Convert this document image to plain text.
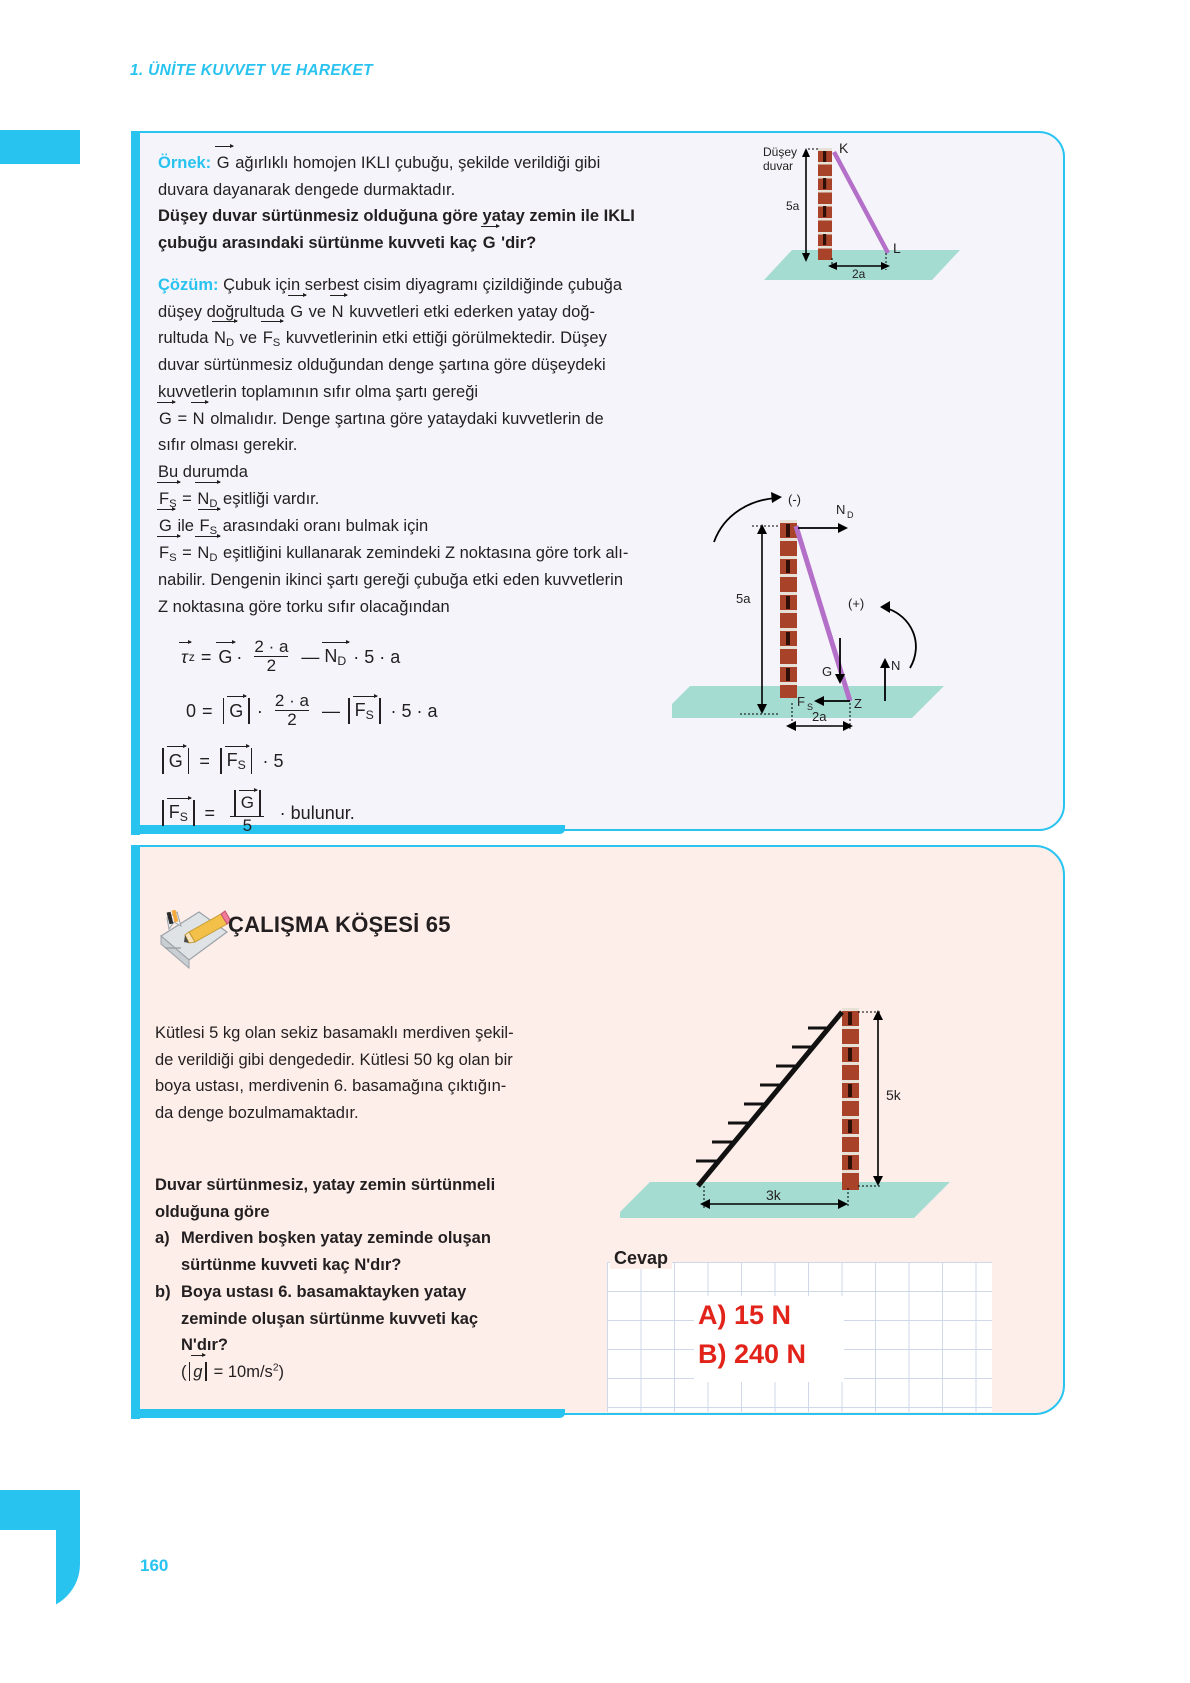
1. ÜNİTE KUVVET VE HAREKET
Örnek: G ağırlıklı homojen IKLI çubuğu, şekilde verildiği gibi
duvara dayanarak dengede durmaktadır.
Düşey duvar sürtünmesiz olduğuna göre yatay zemin ile IKLI
çubuğu arasındaki sürtünme kuvveti kaç G 'dir?
Çözüm: Çubuk için serbest cisim diyagramı çizildiğinde çubuğa
düşey doğrultuda G ve N kuvvetleri etki ederken yatay doğ-
rultuda $N_D$ ve $F_S$ kuvvetlerinin etki ettiği görülmektedir. Düşey
duvar sürtünmesiz olduğundan denge şartına göre düşeydeki
kuvvetlerin toplamının sıfır olma şartı gereği
G = N olmalıdır. Denge şartına göre yataydaki kuvvetlerin de
sıfır olması gerekir.
Bu durumda
$F_S = N_D$ eşitliği vardır.
G ile $F_S$ arasındaki oranı bulmak için
$F_S = N_D$ eşitliğini kullanarak zemindeki Z noktasına göre tork alı-
nabilir. Dengenin ikinci şartı gereği çubuğa etki eden kuvvetlerin
Z noktasına göre torku sıfır olacağından
τ $z = G \cdot \frac{2 \cdot a}{2}$ — $N_D \cdot 5 \cdot a$
$0 = G \cdot \frac{2 \cdot a}{2}$ — $F_S \cdot 5 \cdot a$
$G = F_S \cdot 5$
$F_S = \frac{G}{5}$ · bulunur.
Düşey
duvar
K
L
5a
2a
N D
G	N
F S	Z
(-)
(+)
5a
2a
ÇALIŞMA KÖŞESİ 65
Kütlesi 5 kg olan sekiz basamaklı merdiven şekil-
de verildiği gibi dengededir. Kütlesi 50 kg olan bir
boya ustası, merdivenin 6. basamağına çıktığın-
da denge bozulmamaktadır.
Duvar sürtünmesiz, yatay zemin sürtünmeli
olduğuna göre
a) Merdiven boşken yatay zeminde oluşan
sürtünme kuvveti kaç N'dır?
b) Boya ustası 6. basamaktayken yatay
zeminde oluşan sürtünme kuvveti kaç
N'dır?
( $g = 10m/s^2$)
5k
3k
Cevap
A) 15 N
B) 240 N
160
